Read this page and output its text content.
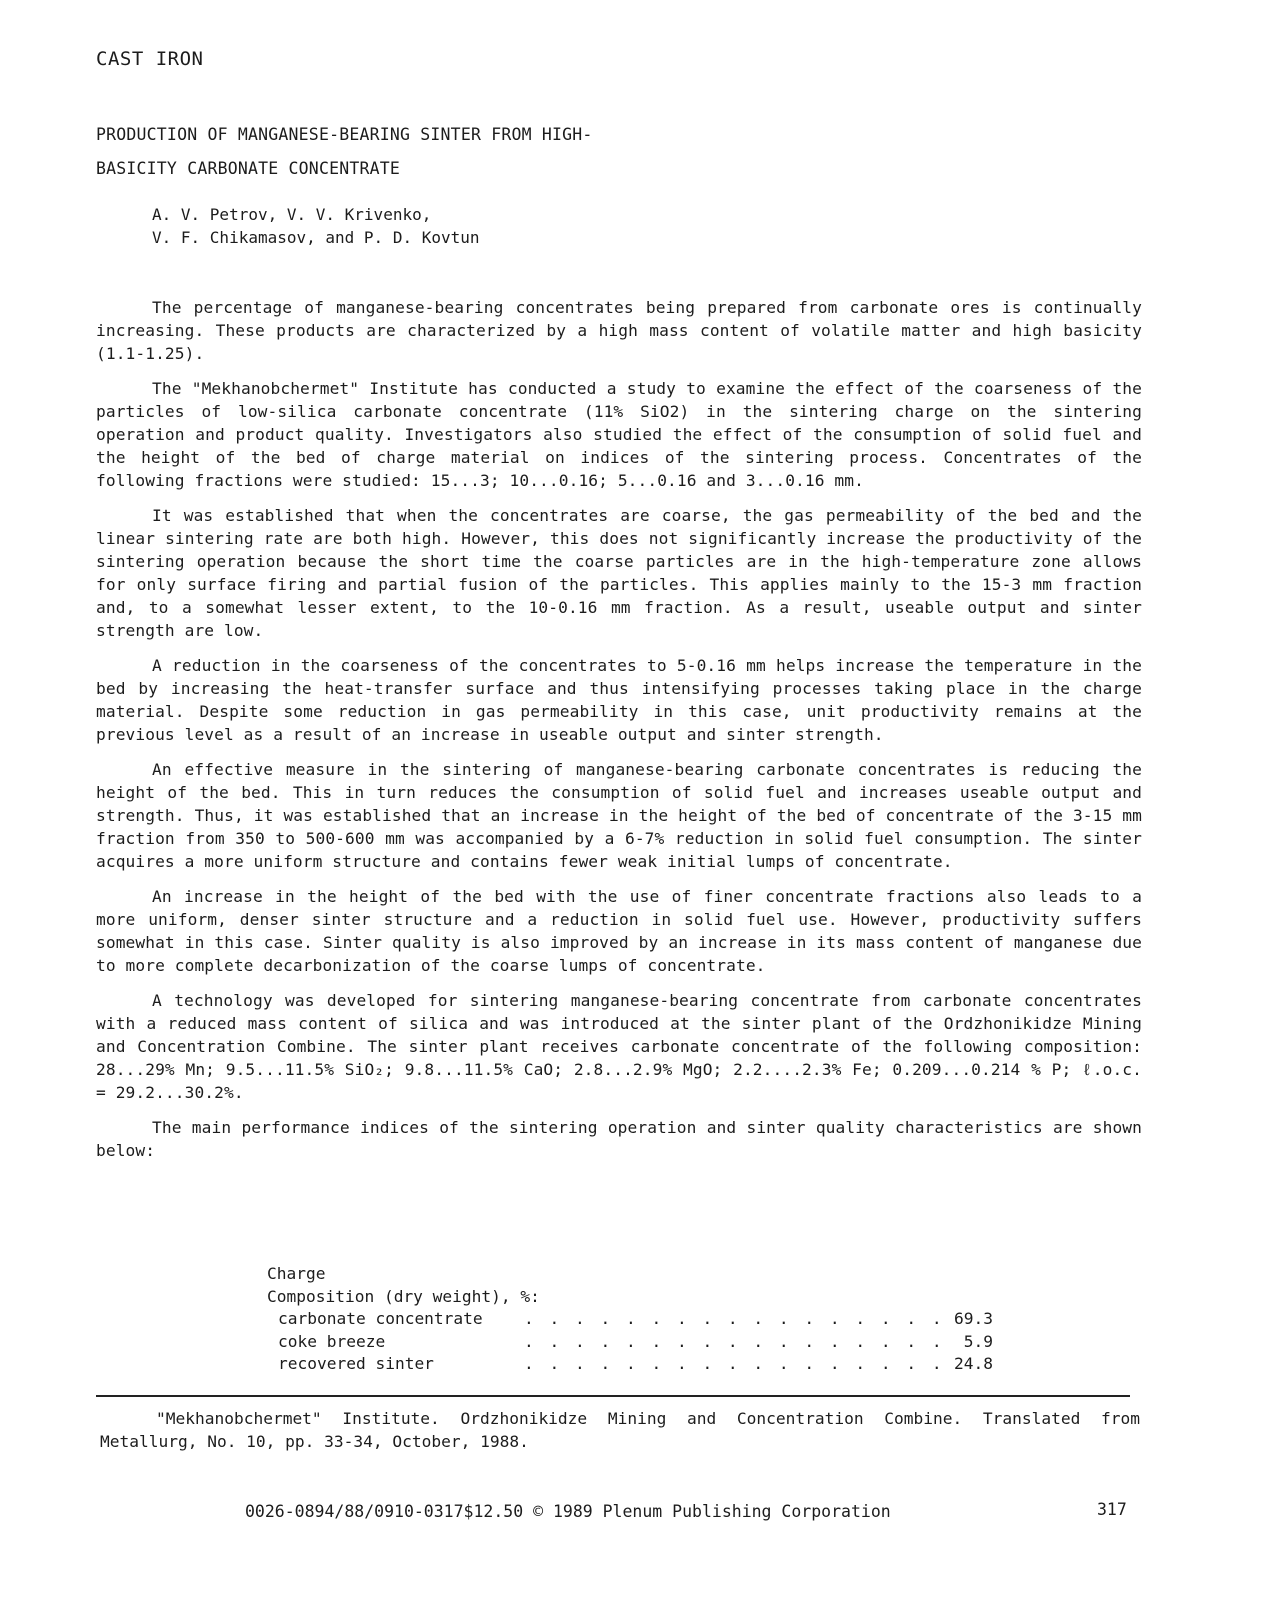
CAST IRON
PRODUCTION OF MANGANESE-BEARING SINTER FROM HIGH-
BASICITY CARBONATE CONCENTRATE
A. V. Petrov, V. V. Krivenko,
V. F. Chikamasov, and P. D. Kovtun

The percentage of manganese-bearing concentrates being prepared from carbonate ores is continually increasing. These products are characterized by a high mass content of volatile matter and high basicity (1.1-1.25).

The "Mekhanobchermet" Institute has conducted a study to examine the effect of the coarseness of the particles of low-silica carbonate concentrate (11% SiO2) in the sintering charge on the sintering operation and product quality. Investigators also studied the effect of the consumption of solid fuel and the height of the bed of charge material on indices of the sintering process. Concentrates of the following fractions were studied: 15...3; 10...0.16; 5...0.16 and 3...0.16 mm.

It was established that when the concentrates are coarse, the gas permeability of the bed and the linear sintering rate are both high. However, this does not significantly increase the productivity of the sintering operation because the short time the coarse particles are in the high-temperature zone allows for only surface firing and partial fusion of the particles. This applies mainly to the 15-3 mm fraction and, to a somewhat lesser extent, to the 10-0.16 mm fraction. As a result, useable output and sinter strength are low.

A reduction in the coarseness of the concentrates to 5-0.16 mm helps increase the temperature in the bed by increasing the heat-transfer surface and thus intensifying processes taking place in the charge material. Despite some reduction in gas permeability in this case, unit productivity remains at the previous level as a result of an increase in useable output and sinter strength.

An effective measure in the sintering of manganese-bearing carbonate concentrates is reducing the height of the bed. This in turn reduces the consumption of solid fuel and increases useable output and strength. Thus, it was established that an increase in the height of the bed of concentrate of the 3-15 mm fraction from 350 to 500-600 mm was accompanied by a 6-7% reduction in solid fuel consumption. The sinter acquires a more uniform structure and contains fewer weak initial lumps of concentrate.

An increase in the height of the bed with the use of finer concentrate fractions also leads to a more uniform, denser sinter structure and a reduction in solid fuel use. However, productivity suffers somewhat in this case. Sinter quality is also improved by an increase in its mass content of manganese due to more complete decarbonization of the coarse lumps of concentrate.

A technology was developed for sintering manganese-bearing concentrate from carbonate concentrates with a reduced mass content of silica and was introduced at the sinter plant of the Ordzhonikidze Mining and Concentration Combine. The sinter plant receives carbonate concentrate of the following composition: 28...29% Mn; 9.5...11.5% SiO₂; 9.8...11.5% CaO; 2.8...2.9% MgO; 2.2....2.3% Fe; 0.209...0.214 % P; ℓ.o.c. = 29.2...30.2%.

The main performance indices of the sintering operation and sinter quality characteristics are shown below:

Charge
Composition (dry weight), %:
carbonate concentrate . . .	69.3
coke breeze . . .	5.9
recovered sinter . . .	24.8
"Mekhanobchermet" Institute. Ordzhonikidze Mining and Concentration Combine. Translated from Metallurg, No. 10, pp. 33-34, October, 1988.
0026-0894/88/0910-0317$12.50 © 1989 Plenum Publishing Corporation	317
